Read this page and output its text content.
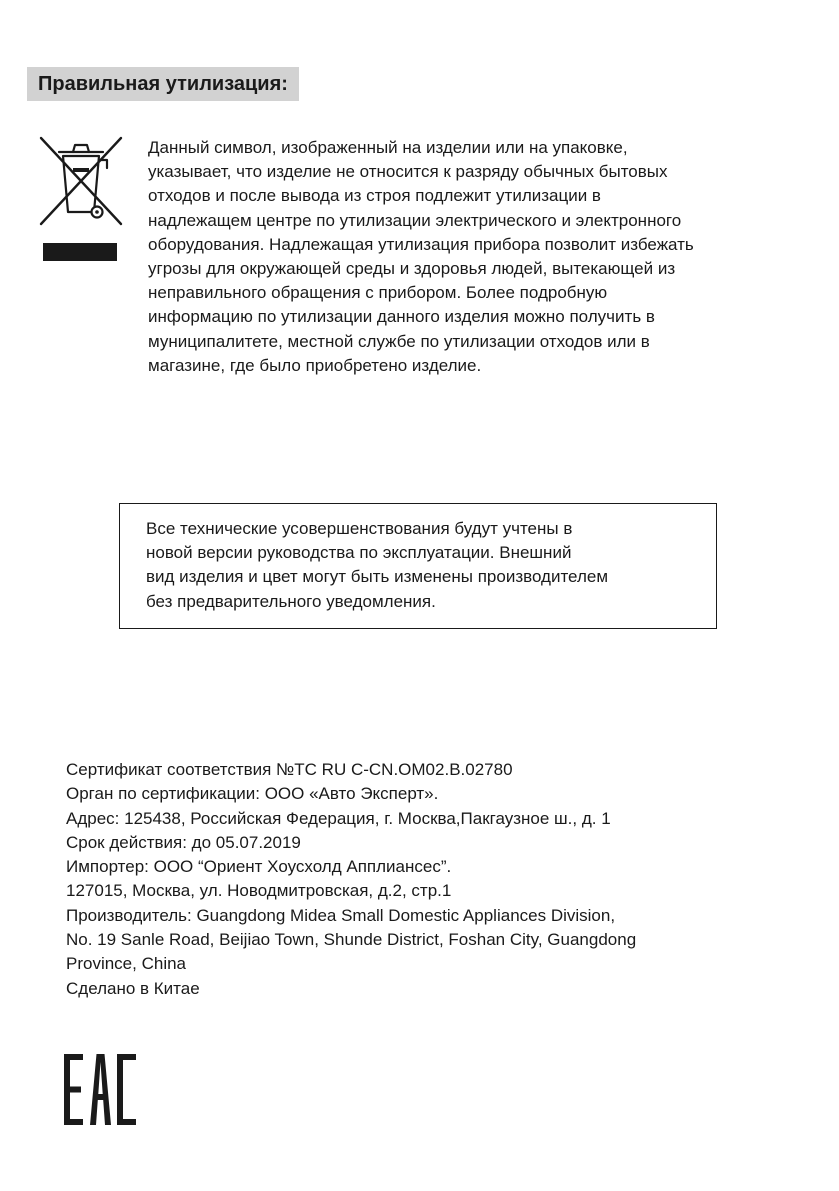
Правильная утилизация:

Данный символ, изображенный на изделии или на упаковке,
указывает, что изделие не относится к разряду обычных бытовых
отходов и после вывода из строя подлежит утилизации в
надлежащем центре по утилизации электрического и электронного
оборудования. Надлежащая утилизация прибора позволит избежать
угрозы для окружающей среды и здоровья людей, вытекающей из
неправильного обращения с прибором. Более подробную
информацию по утилизации данного изделия можно получить в
муниципалитете, местной службе по утилизации отходов или в
магазине, где было приобретено изделие.

Все технические усовершенствования будут учтены в
новой версии руководства по эксплуатации. Внешний
вид изделия и цвет могут быть изменены производителем
без предварительного уведомления.

Сертификат соответствия №ТС RU C-CN.OM02.B.02780
Орган по сертификации: ООО «Авто Эксперт».
Адрес: 125438, Российская Федерация, г. Москва,Пакгаузное ш., д. 1
Срок действия: до 05.07.2019
Импортер: ООО “Ориент Хоусхолд Апплиансес”.
127015, Москва, ул. Новодмитровская, д.2, стр.1
Производитель: Guangdong Midea Small Domestic Appliances Division,
No. 19 Sanle Road, Beijiao Town, Shunde District, Foshan City, Guangdong
Province, China
Сделано в Китае
